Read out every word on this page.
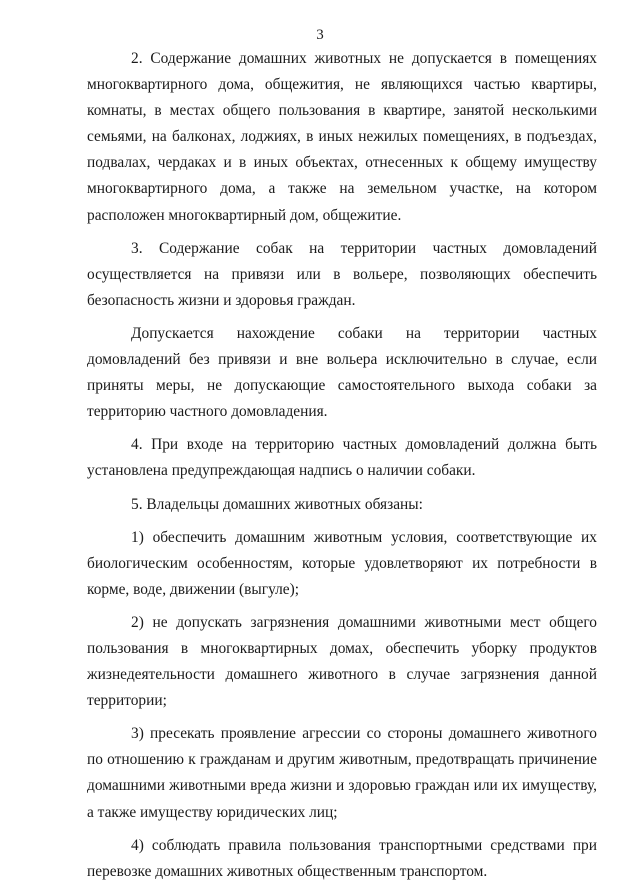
3

2. Содержание домашних животных не допускается в помещениях многоквартирного дома, общежития, не являющихся частью квартиры, комнаты, в местах общего пользования в квартире, занятой несколькими семьями, на балконах, лоджиях, в иных нежилых помещениях, в подъездах, подвалах, чердаках и в иных объектах, отнесенных к общему имуществу многоквартирного дома, а также на земельном участке, на котором расположен многоквартирный дом, общежитие.

3. Содержание собак на территории частных домовладений осуществляется на привязи или в вольере, позволяющих обеспечить безопасность жизни и здоровья граждан.

Допускается нахождение собаки на территории частных домовладений без привязи и вне вольера исключительно в случае, если приняты меры, не допускающие самостоятельного выхода собаки за территорию частного домовладения.

4. При входе на территорию частных домовладений должна быть установлена предупреждающая надпись о наличии собаки.

5. Владельцы домашних животных обязаны:

1) обеспечить домашним животным условия, соответствующие их биологическим особенностям, которые удовлетворяют их потребности в корме, воде, движении (выгуле);

2) не допускать загрязнения домашними животными мест общего пользования в многоквартирных домах, обеспечить уборку продуктов жизнедеятельности домашнего животного в случае загрязнения данной территории;

3) пресекать проявление агрессии со стороны домашнего животного по отношению к гражданам и другим животным, предотвращать причинение домашними животными вреда жизни и здоровью граждан или их имуществу, а также имуществу юридических лиц;

4) соблюдать правила пользования транспортными средствами при перевозке домашних животных общественным транспортом.
